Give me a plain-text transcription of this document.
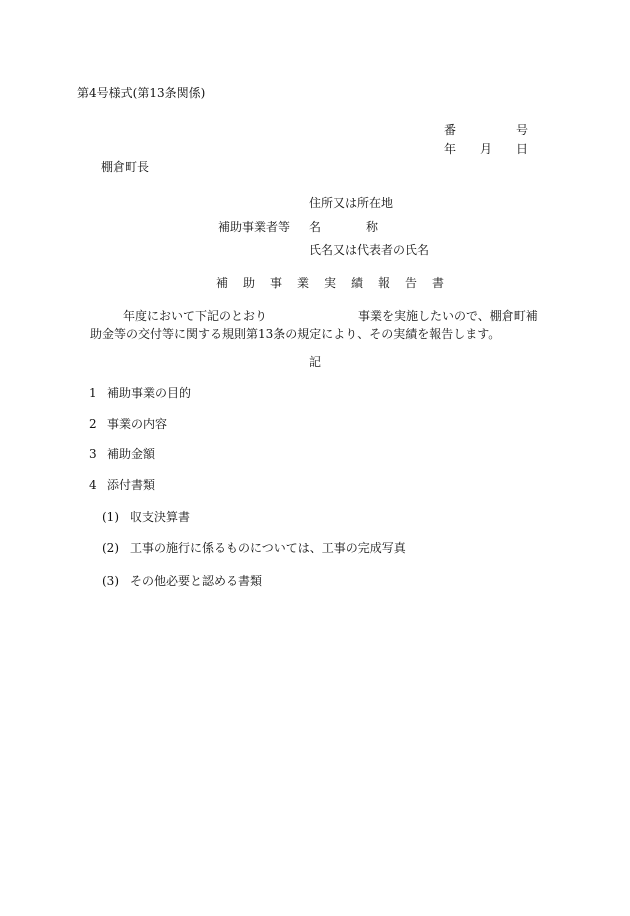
第4号様式(第13条関係)
番	号
年 月 日
棚倉町長
住所又は所在地
補助事業者等 名	称
氏名又は代表者の氏名
補助事業実績報告書
年度において下記のとおり	事業を実施したいので、棚倉町補
助金等の交付等に関する規則第13条の規定により、その実績を報告します。
記
1 補助事業の目的
2 事業の内容
3 補助金額
4 添付書類
(1) 収支決算書
(2) 工事の施行に係るものについては、工事の完成写真
(3) その他必要と認める書類
